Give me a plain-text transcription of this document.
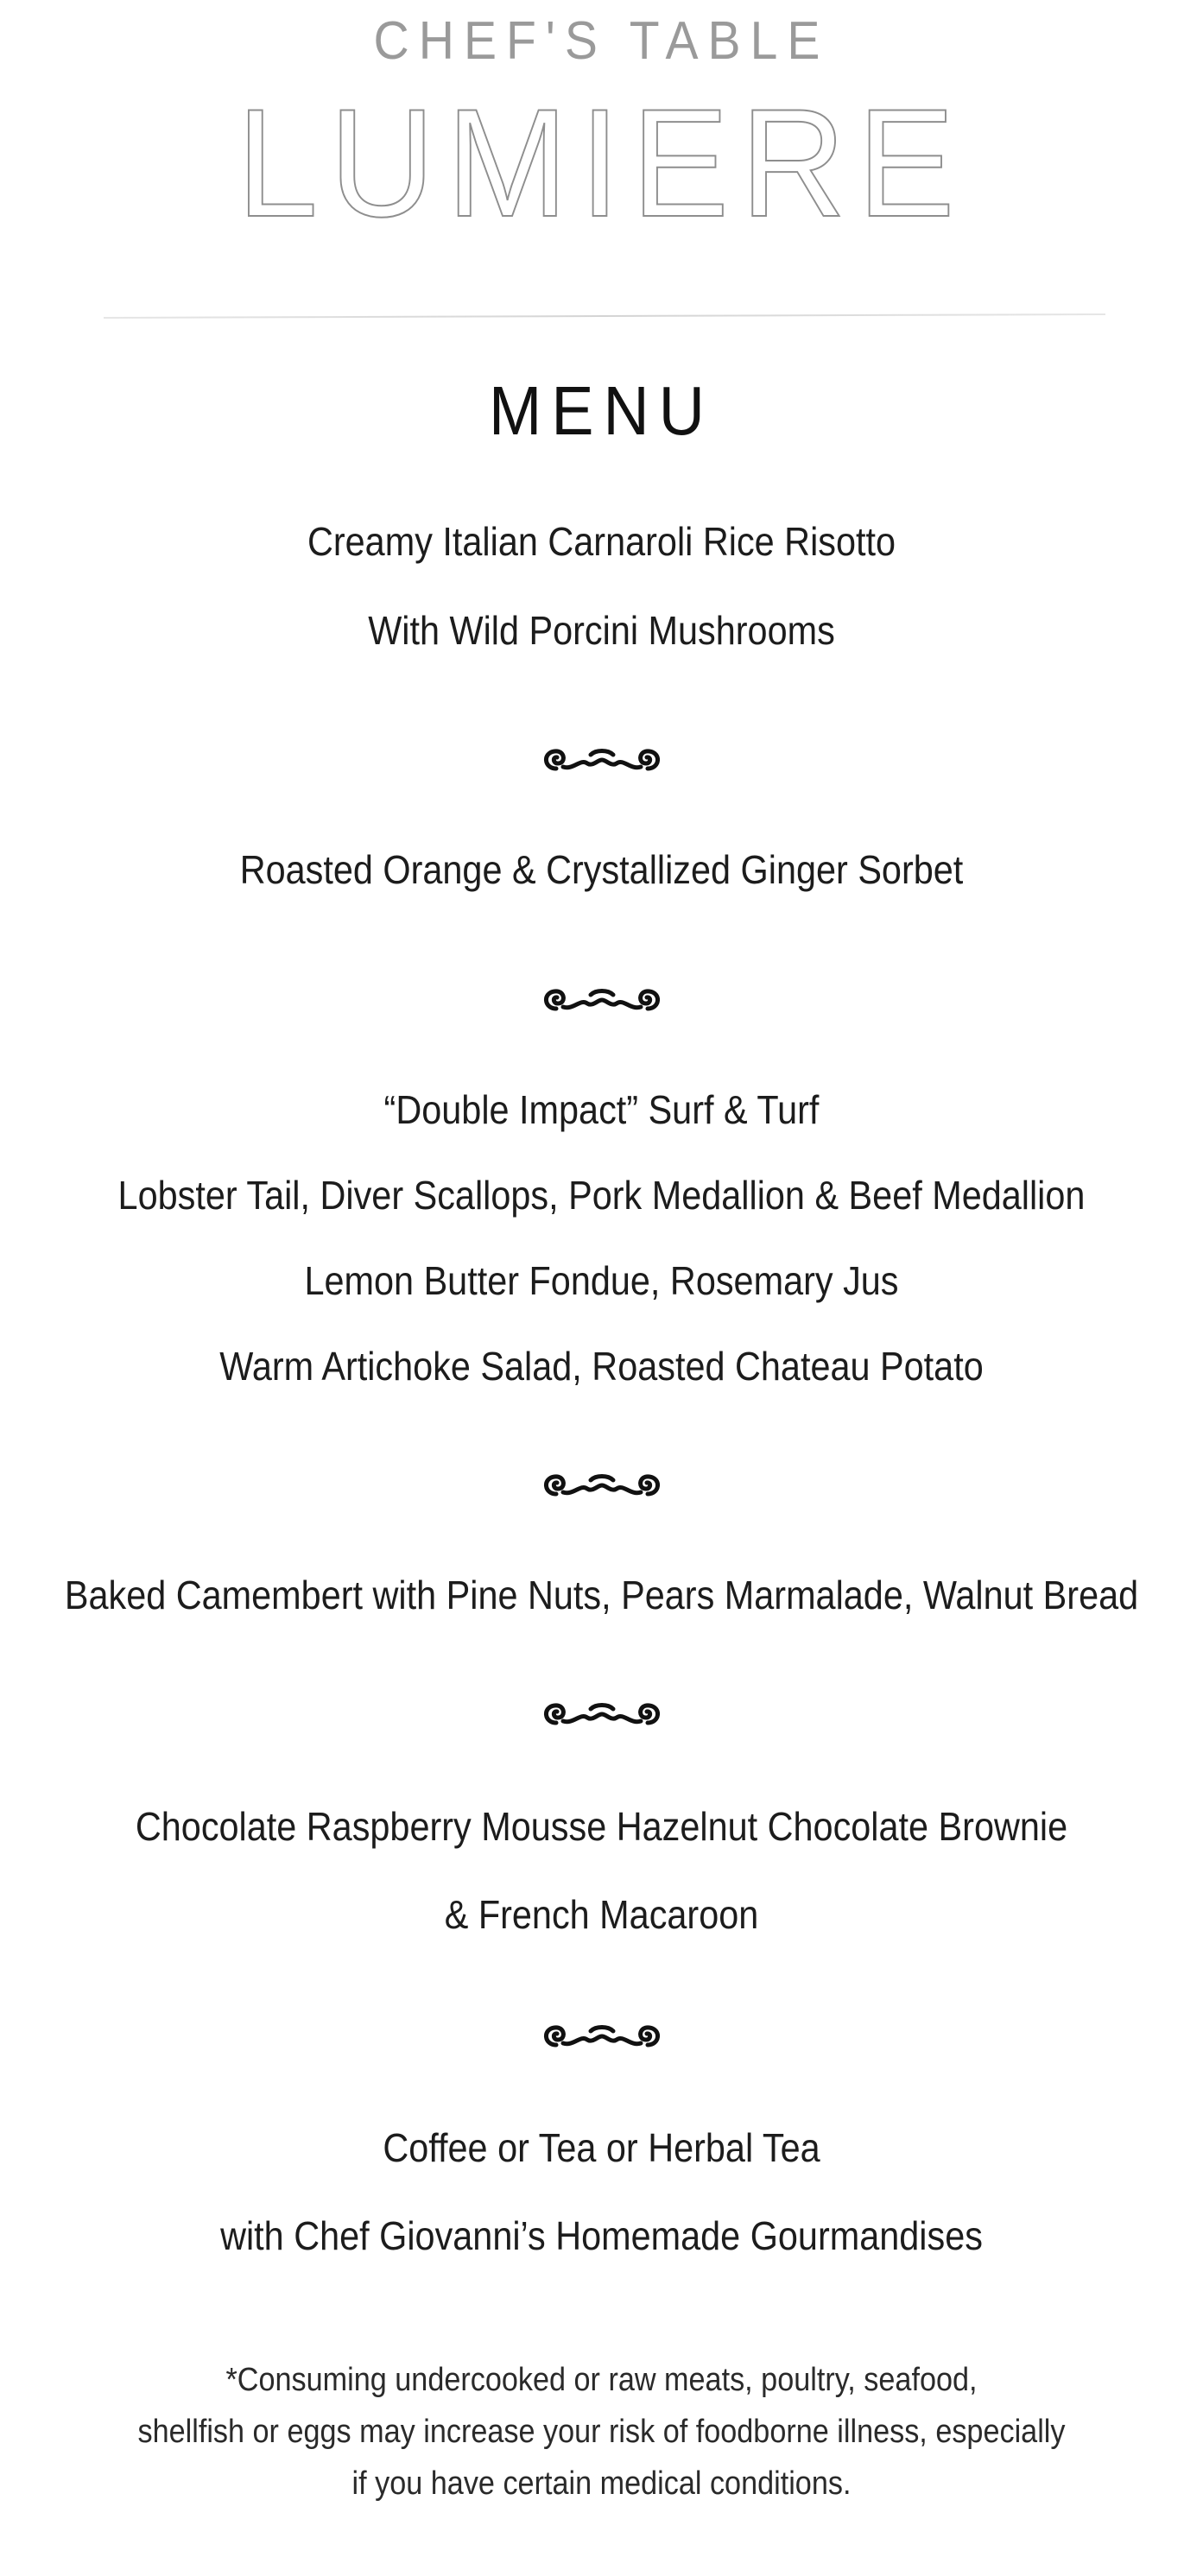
CHEF'S TABLE
LUMIERE
MENU
Creamy Italian Carnaroli Rice Risotto
With Wild Porcini Mushrooms
Roasted Orange & Crystallized Ginger Sorbet
“Double Impact” Surf & Turf
Lobster Tail, Diver Scallops, Pork Medallion & Beef Medallion
Lemon Butter Fondue, Rosemary Jus
Warm Artichoke Salad, Roasted Chateau Potato
Baked Camembert with Pine Nuts, Pears Marmalade, Walnut Bread
Chocolate Raspberry Mousse Hazelnut Chocolate Brownie
& French Macaroon
Coffee or Tea or Herbal Tea
with Chef Giovanni’s Homemade Gourmandises
*Consuming undercooked or raw meats, poultry, seafood,
shellfish or eggs may increase your risk of foodborne illness, especially
if you have certain medical conditions.
